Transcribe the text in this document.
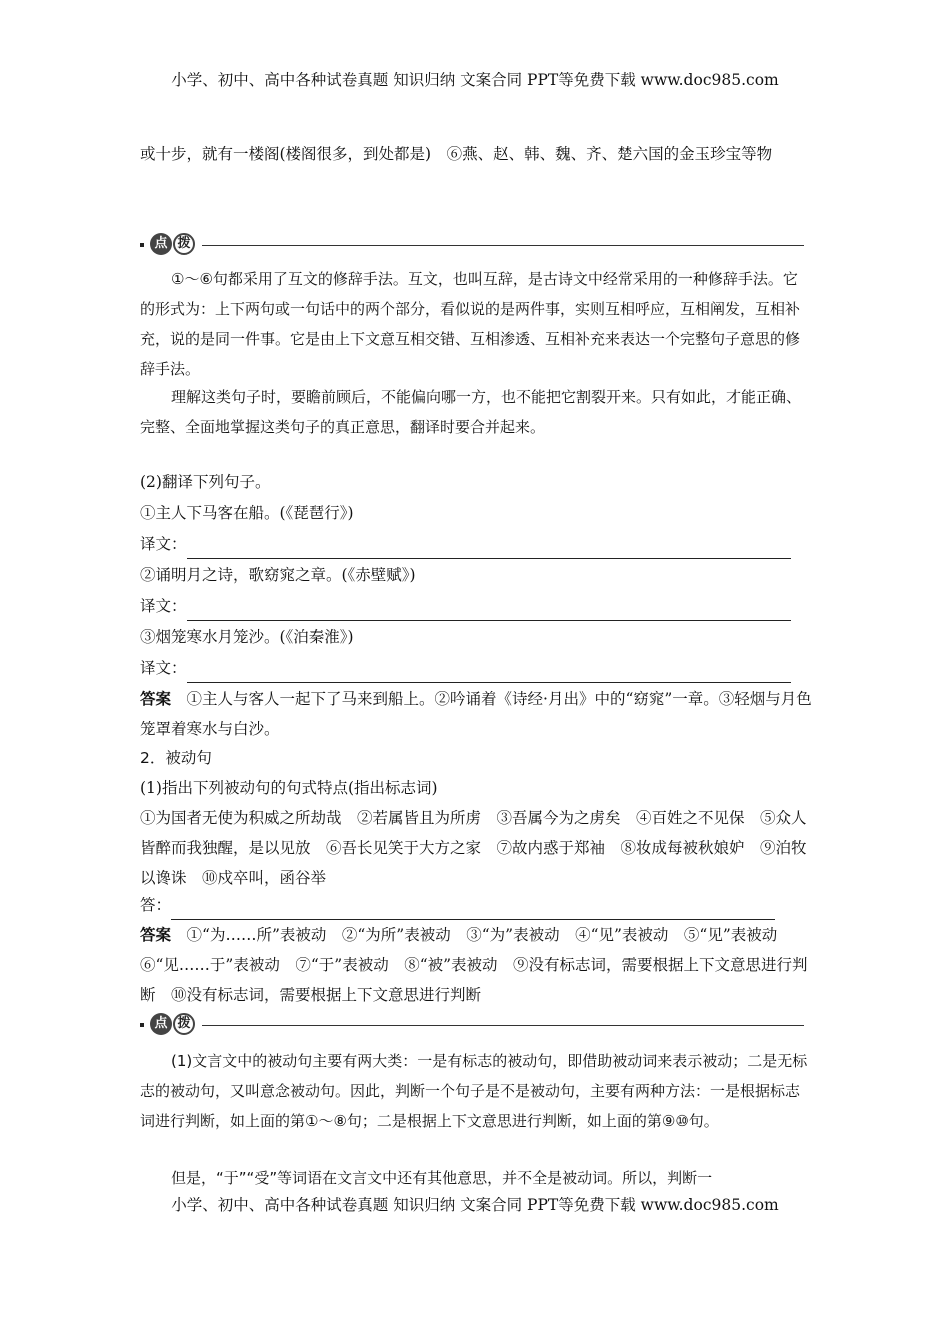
小学、初中、高中各种试卷真题 知识归纳 文案合同 PPT等免费下载 www.doc985.com
或十步，就有一楼阁(楼阁很多，到处都是)　⑥燕、赵、韩、魏、齐、楚六国的金玉珍宝等物
点 拨
①～⑥句都采用了互文的修辞手法。互文，也叫互辞，是古诗文中经常采用的一种修辞手法。它的形式为：上下两句或一句话中的两个部分，看似说的是两件事，实则互相呼应，互相阐发，互相补充，说的是同一件事。它是由上下文意互相交错、互相渗透、互相补充来表达一个完整句子意思的修辞手法。
理解这类句子时，要瞻前顾后，不能偏向哪一方，也不能把它割裂开来。只有如此，才能正确、完整、全面地掌握这类句子的真正意思，翻译时要合并起来。
(2)翻译下列句子。
①主人下马客在船。(《琵琶行》)
译文：
②诵明月之诗，歌窈窕之章。(《赤壁赋》)
译文：
③烟笼寒水月笼沙。(《泊秦淮》)
译文：
答案　 ①主人与客人一起下了马来到船上。②吟诵着《诗经·月出》中的“窈窕”一章。③轻烟与月色笼罩着寒水与白沙。
2．被动句
(1)指出下列被动句的句式特点(指出标志词)
①为国者无使为积威之所劫哉　②若属皆且为所虏　③吾属今为之虏矣　④百姓之不见保　⑤众人皆醉而我独醒，是以见放　⑥吾长见笑于大方之家　⑦故内惑于郑袖　⑧妆成每被秋娘妒　⑨泊牧以谗诛　⑩戍卒叫，函谷举
答：
答案　 ①“为……所”表被动　②“为所”表被动　③“为”表被动　④“见”表被动　⑤“见”表被动　⑥“见……于”表被动　⑦“于”表被动　⑧“被”表被动　⑨没有标志词，需要根据上下文意思进行判断　⑩没有标志词，需要根据上下文意思进行判断
点 拨
(1)文言文中的被动句主要有两大类：一是有标志的被动句，即借助被动词来表示被动；二是无标志的被动句，又叫意念被动句。因此，判断一个句子是不是被动句，主要有两种方法：一是根据标志词进行判断，如上面的第①～⑧句；二是根据上下文意思进行判断，如上面的第⑨⑩句。
但是，“于”“受”等词语在文言文中还有其他意思，并不全是被动词。所以，判断一
小学、初中、高中各种试卷真题 知识归纳 文案合同 PPT等免费下载 www.doc985.com
